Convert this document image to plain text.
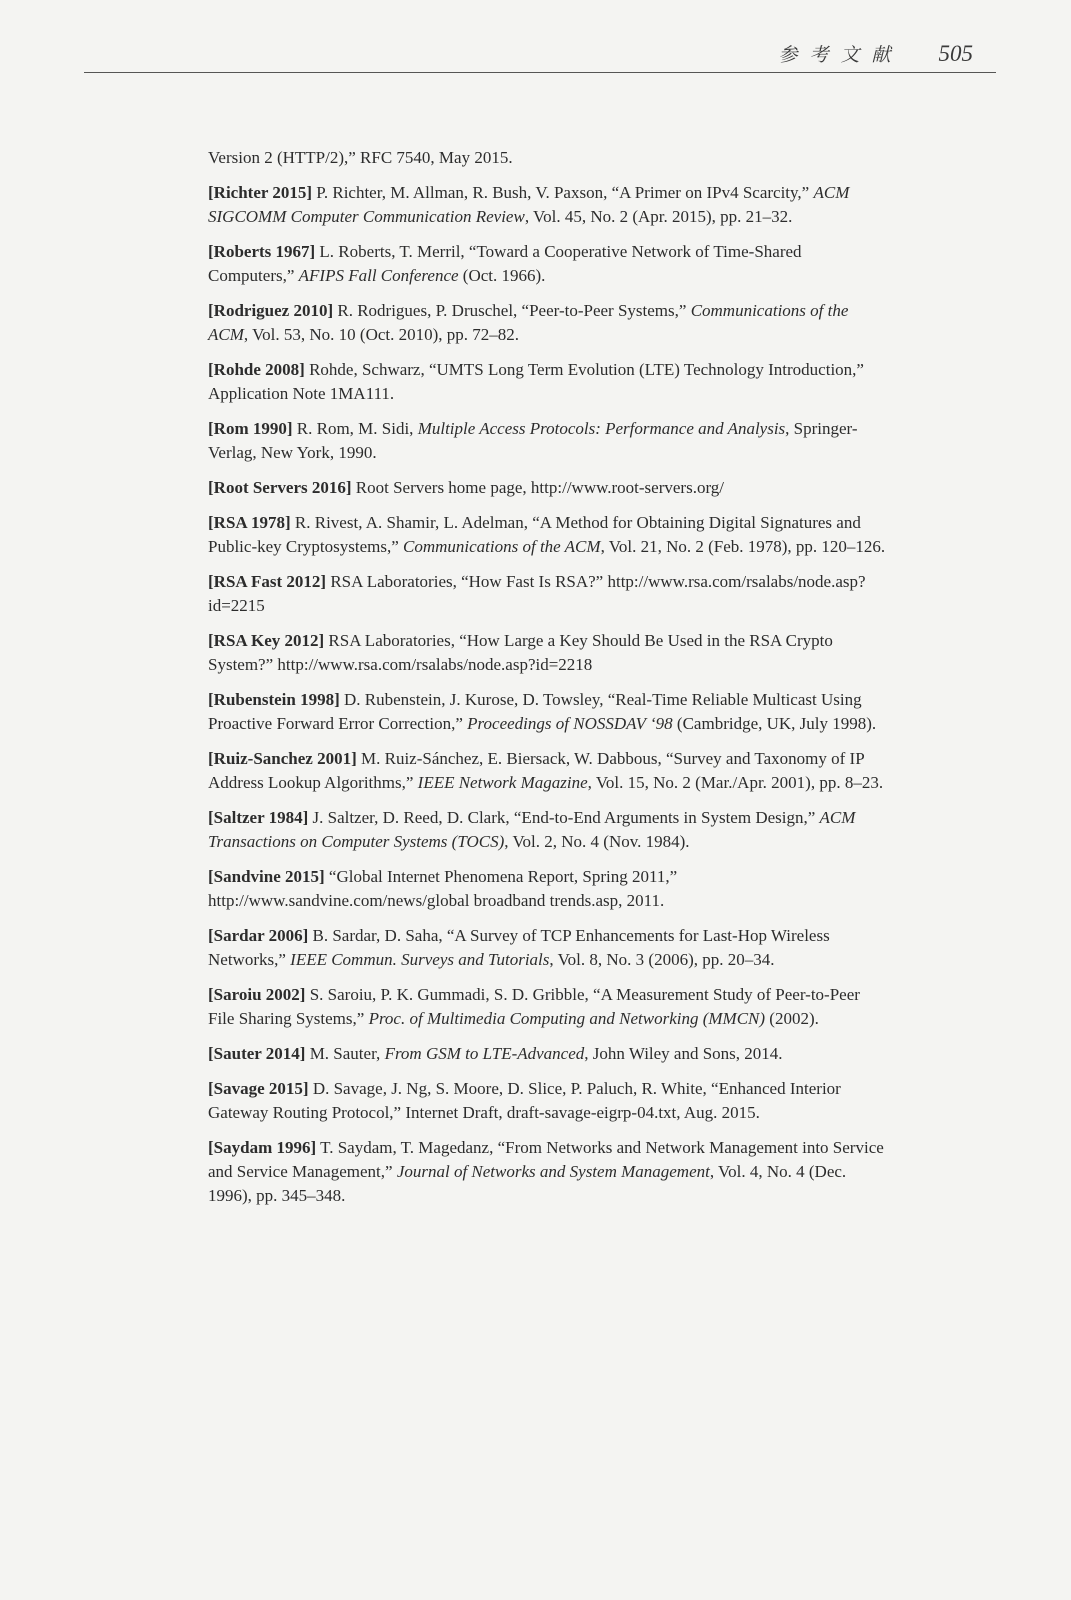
参考文献 505

Version 2 (HTTP/2),” RFC 7540, May 2015.

[Richter 2015] P. Richter, M. Allman, R. Bush, V. Paxson, “A Primer on IPv4 Scarcity,” ACM SIGCOMM Computer Communication Review, Vol. 45, No. 2 (Apr. 2015), pp. 21–32.

[Roberts 1967] L. Roberts, T. Merril, “Toward a Cooperative Network of Time-Shared Computers,” AFIPS Fall Conference (Oct. 1966).

[Rodriguez 2010] R. Rodrigues, P. Druschel, “Peer-to-Peer Systems,” Communications of the ACM, Vol. 53, No. 10 (Oct. 2010), pp. 72–82.

[Rohde 2008] Rohde, Schwarz, “UMTS Long Term Evolution (LTE) Technology Introduction,” Application Note 1MA111.

[Rom 1990] R. Rom, M. Sidi, Multiple Access Protocols: Performance and Analysis, Springer-Verlag, New York, 1990.

[Root Servers 2016] Root Servers home page, http://www.root-servers.org/

[RSA 1978] R. Rivest, A. Shamir, L. Adelman, “A Method for Obtaining Digital Signatures and Public-key Cryptosystems,” Communications of the ACM, Vol. 21, No. 2 (Feb. 1978), pp. 120–126.

[RSA Fast 2012] RSA Laboratories, “How Fast Is RSA?” http://www.rsa.com/rsalabs/node.asp?id=2215

[RSA Key 2012] RSA Laboratories, “How Large a Key Should Be Used in the RSA Crypto System?” http://www.rsa.com/rsalabs/node.asp?id=2218

[Rubenstein 1998] D. Rubenstein, J. Kurose, D. Towsley, “Real-Time Reliable Multicast Using Proactive Forward Error Correction,” Proceedings of NOSSDAV ‘98 (Cambridge, UK, July 1998).

[Ruiz-Sanchez 2001] M. Ruiz-Sánchez, E. Biersack, W. Dabbous, “Survey and Taxonomy of IP Address Lookup Algorithms,” IEEE Network Magazine, Vol. 15, No. 2 (Mar./Apr. 2001), pp. 8–23.

[Saltzer 1984] J. Saltzer, D. Reed, D. Clark, “End-to-End Arguments in System Design,” ACM Transactions on Computer Systems (TOCS), Vol. 2, No. 4 (Nov. 1984).

[Sandvine 2015] “Global Internet Phenomena Report, Spring 2011,” http://www.sandvine.com/news/global broadband trends.asp, 2011.

[Sardar 2006] B. Sardar, D. Saha, “A Survey of TCP Enhancements for Last-Hop Wireless Networks,” IEEE Commun. Surveys and Tutorials, Vol. 8, No. 3 (2006), pp. 20–34.

[Saroiu 2002] S. Saroiu, P. K. Gummadi, S. D. Gribble, “A Measurement Study of Peer-to-Peer File Sharing Systems,” Proc. of Multimedia Computing and Networking (MMCN) (2002).

[Sauter 2014] M. Sauter, From GSM to LTE-Advanced, John Wiley and Sons, 2014.

[Savage 2015] D. Savage, J. Ng, S. Moore, D. Slice, P. Paluch, R. White, “Enhanced Interior Gateway Routing Protocol,” Internet Draft, draft-savage-eigrp-04.txt, Aug. 2015.

[Saydam 1996] T. Saydam, T. Magedanz, “From Networks and Network Management into Service and Service Management,” Journal of Networks and System Management, Vol. 4, No. 4 (Dec. 1996), pp. 345–348.
